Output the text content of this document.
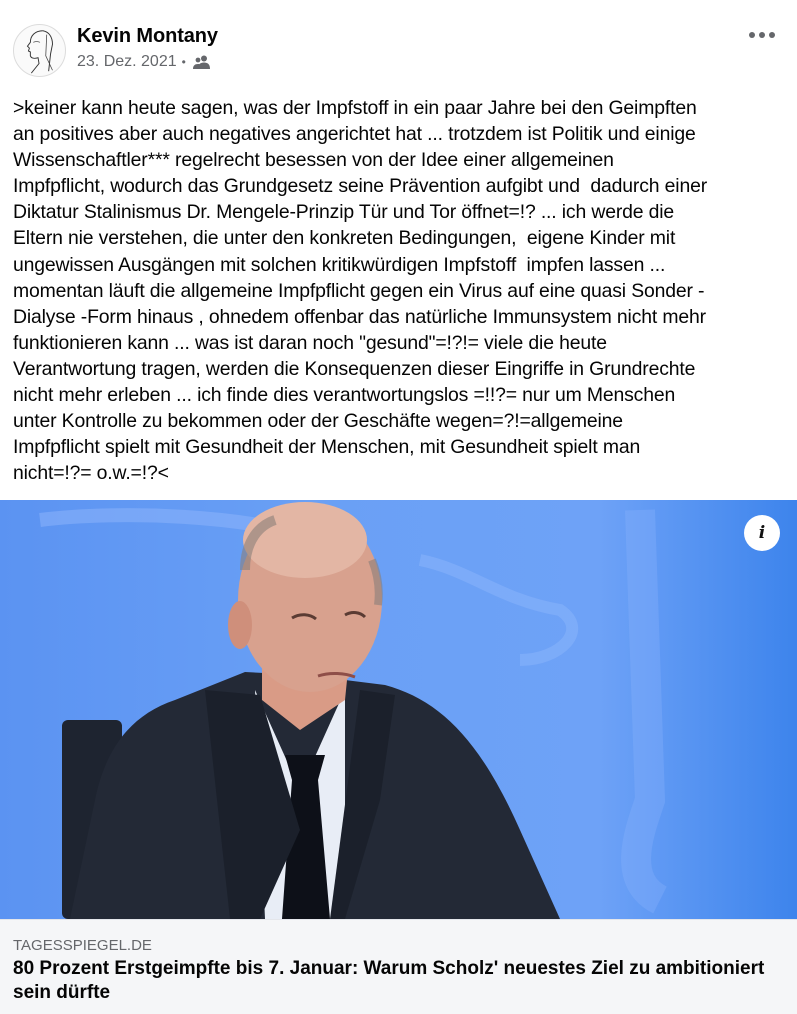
Kevin Montany
23. Dez. 2021 •
>keiner kann heute sagen, was der Impfstoff in ein paar Jahre bei den Geimpften
an positives aber auch negatives angerichtet hat ... trotzdem ist Politik und einige
Wissenschaftler*** regelrecht besessen von der Idee einer allgemeinen
Impfpflicht, wodurch das Grundgesetz seine Prävention aufgibt und  dadurch einer
Diktatur Stalinismus Dr. Mengele-Prinzip Tür und Tor öffnet=!? ... ich werde die
Eltern nie verstehen, die unter den konkreten Bedingungen,  eigene Kinder mit
ungewissen Ausgängen mit solchen kritikwürdigen Impfstoff  impfen lassen ...
momentan läuft die allgemeine Impfpflicht gegen ein Virus auf eine quasi Sonder -
Dialyse -Form hinaus , ohnedem offenbar das natürliche Immunsystem nicht mehr
funktionieren kann ... was ist daran noch "gesund"=!?!= viele die heute
Verantwortung tragen, werden die Konsequenzen dieser Eingriffe in Grundrechte
nicht mehr erleben ... ich finde dies verantwortungslos =!!?= nur um Menschen
unter Kontrolle zu bekommen oder der Geschäfte wegen=?!=allgemeine
Impfpflicht spielt mit Gesundheit der Menschen, mit Gesundheit spielt man
nicht=!?= o.w.=!?<
i
TAGESSPIEGEL.DE
80 Prozent Erstgeimpfte bis 7. Januar: Warum Scholz' neuestes Ziel zu ambitioniert sein dürfte
